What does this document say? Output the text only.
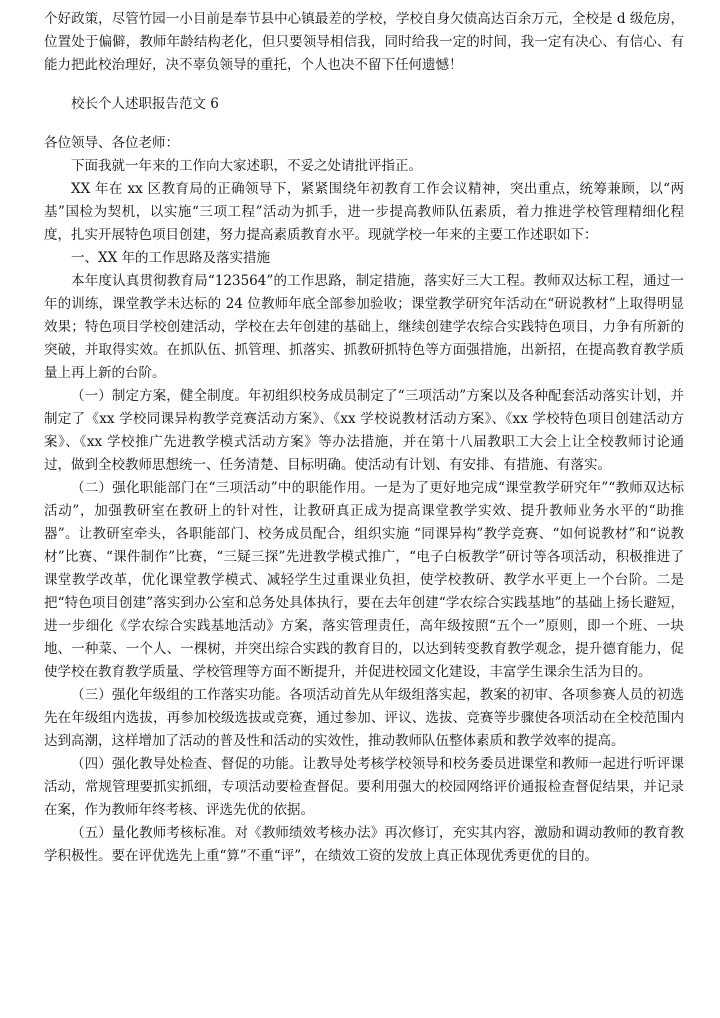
个好政策，尽管竹园一小目前是奉节县中心镇最差的学校，学校自身欠债高达百余万元，全校是 d 级危房，位置处于偏僻，教师年龄结构老化，但只要领导相信我，同时给我一定的时间，我一定有决心、有信心、有能力把此校治理好，决不辜负领导的重托，个人也决不留下任何遗憾！

校长个人述职报告范文 6

各位领导、各位老师：

下面我就一年来的工作向大家述职，不妥之处请批评指正。

XX 年在 xx 区教育局的正确领导下，紧紧围绕年初教育工作会议精神，突出重点，统筹兼顾，以“两基”国检为契机，以实施“三项工程”活动为抓手，进一步提高教师队伍素质，着力推进学校管理精细化程度，扎实开展特色项目创建，努力提高素质教育水平。现就学校一年来的主要工作述职如下：

一、XX 年的工作思路及落实措施

本年度认真贯彻教育局“123564”的工作思路，制定措施，落实好三大工程。教师双达标工程，通过一年的训练，课堂教学未达标的 24 位教师年底全部参加验收；课堂教学研究年活动在“研说教材”上取得明显效果；特色项目学校创建活动，学校在去年创建的基础上，继续创建学农综合实践特色项目，力争有所新的突破，并取得实效。在抓队伍、抓管理、抓落实、抓教研抓特色等方面强措施，出新招，在提高教育教学质量上再上新的台阶。

（一）制定方案，健全制度。年初组织校务成员制定了“三项活动”方案以及各种配套活动落实计划，并制定了《xx 学校同课异构教学竞赛活动方案》、《xx 学校说教材活动方案》、《xx 学校特色项目创建活动方案》、《xx 学校推广先进教学模式活动方案》等办法措施，并在第十八届教职工大会上让全校教师讨论通过，做到全校教师思想统一、任务清楚、目标明确。使活动有计划、有安排、有措施、有落实。

（二）强化职能部门在“三项活动”中的职能作用。一是为了更好地完成“课堂教学研究年”“教师双达标活动”，加强教研室在教研上的针对性，让教研真正成为提高课堂教学实效、提升教师业务水平的“助推器”。让教研室牵头，各职能部门、校务成员配合，组织实施 “同课异构”教学竞赛、“如何说教材”和“说教材”比赛、“课件制作”比赛，“三疑三探”先进教学模式推广，“电子白板教学”研讨等各项活动，积极推进了课堂教学改革，优化课堂教学模式、减轻学生过重课业负担，使学校教研、教学水平更上一个台阶。二是把“特色项目创建”落实到办公室和总务处具体执行，要在去年创建“学农综合实践基地”的基础上扬长避短，进一步细化《学农综合实践基地活动》方案，落实管理责任，高年级按照“五个一”原则，即一个班、一块地、一种菜、一个人、一棵树，并突出综合实践的教育目的，以达到转变教育教学观念，提升德育能力，促使学校在教育教学质量、学校管理等方面不断提升，并促进校园文化建设，丰富学生课余生活为目的。

（三）强化年级组的工作落实功能。各项活动首先从年级组落实起，教案的初审、各项参赛人员的初选先在年级组内选拔，再参加校级选拔或竞赛，通过参加、评议、选拔、竞赛等步骤使各项活动在全校范围内达到高潮，这样增加了活动的普及性和活动的实效性，推动教师队伍整体素质和教学效率的提高。

（四）强化教导处检查、督促的功能。让教导处考核学校领导和校务委员进课堂和教师一起进行听评课活动，常规管理要抓实抓细，专项活动要检查督促。要利用强大的校园网络评价通报检查督促结果，并记录在案，作为教师年终考核、评选先优的依据。

（五）量化教师考核标准。对《教师绩效考核办法》再次修订，充实其内容，激励和调动教师的教育教学积极性。要在评优选先上重“算”不重“评”，在绩效工资的发放上真正体现优秀更优的目的。
